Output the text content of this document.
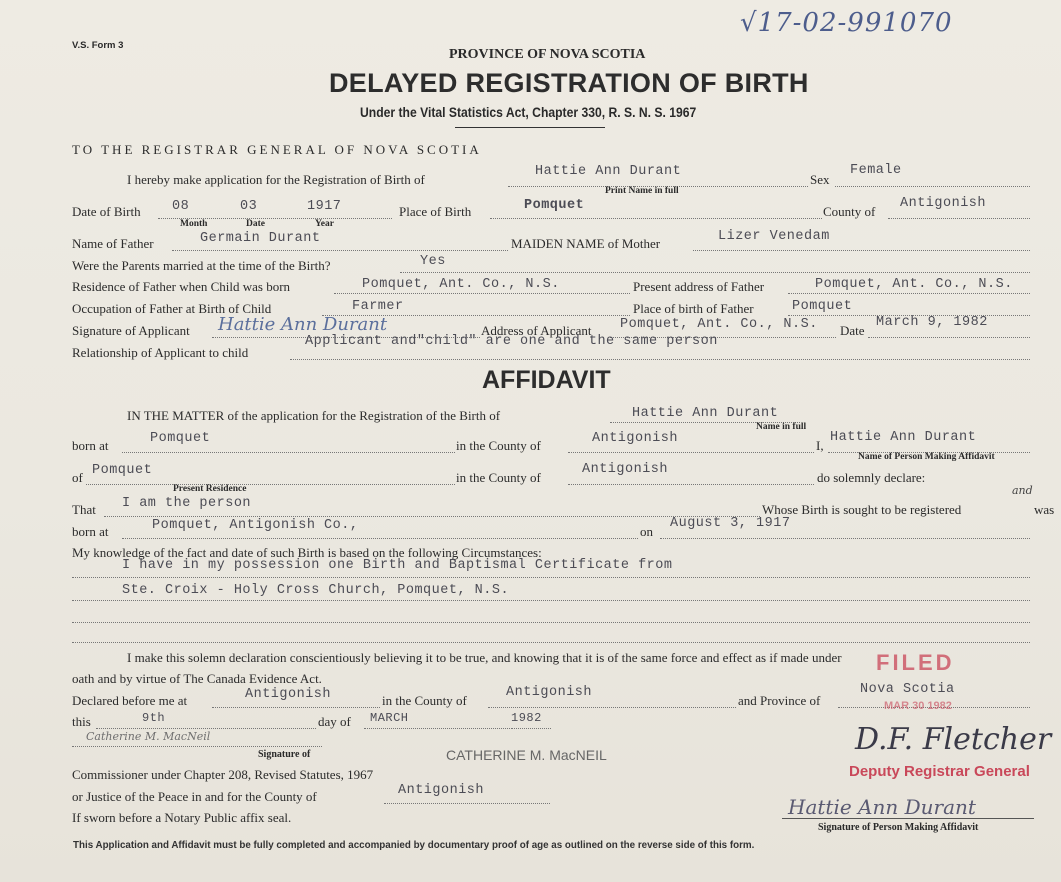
V.S. Form 3
√17-02-991070
PROVINCE OF NOVA SCOTIA
DELAYED REGISTRATION OF BIRTH
Under the Vital Statistics Act, Chapter 330, R. S. N. S. 1967
TO THE REGISTRAR GENERAL OF NOVA SCOTIA
I hereby make application for the Registration of Birth of
Hattie Ann Durant
Print Name in full
Sex
Female
Date of Birth 08	03	1917
Month	Date	Year
Place of Birth	Pomquet	County of
Antigonish
Name of Father	Germain Durant	MAIDEN NAME of Mother	Lizer Venedam
Were the Parents married at the time of the Birth?	Yes
Residence of Father when Child was born	Pomquet, Ant. Co., N.S.	Present address of Father	Pomquet, Ant. Co., N.S.
Occupation of Father at Birth of Child	Farmer	Place of birth of Father	Pomquet
Signature of Applicant Hattie Ann Durant	Address of Applicant Pomquet, Ant. Co., N.S. Date
March 9, 1982
Relationship of Applicant to child
Applicant and"child" are one and the same person
AFFIDAVIT
IN THE MATTER of the application for the Registration of the Birth of	Hattie Ann Durant
Name in full
born at	Pomquet	in the County of	Antigonish	I,
Hattie Ann Durant
Name of Person Making Affidavit
of Pomquet
Present Residence
in the County of
Antigonish
do solemnly declare:
That I am the person	Whose Birth is sought to be registered
and
was
born at	Pomquet, Antigonish Co.,	on
August 3, 1917
My knowledge of the fact and date of such Birth is based on the following Circumstances:
I have in my possession one Birth and Baptismal Certificate from
Ste. Croix - Holy Cross Church, Pomquet, N.S.
I make this solemn declaration conscientiously believing it to be true, and knowing that it is of the same force and effect as if made under
oath and by virtue of The Canada Evidence Act.
Declared before me at	Antigonish	in the County of
Antigonish
and Province of
Nova Scotia
this	9th	day of MARCH	1982
Catherine M. MacNeil
Signature of	CATHERINE M. MacNEIL
Commissioner under Chapter 208, Revised Statutes, 1967
or Justice of the Peace in and for the County of	Antigonish
If sworn before a Notary Public affix seal.
FILED
MAR 30 1982
D.F. Fletcher
Deputy Registrar General
Hattie Ann Durant
Signature of Person Making Affidavit
This Application and Affidavit must be fully completed and accompanied by documentary proof of age as outlined on the reverse side of this form.
